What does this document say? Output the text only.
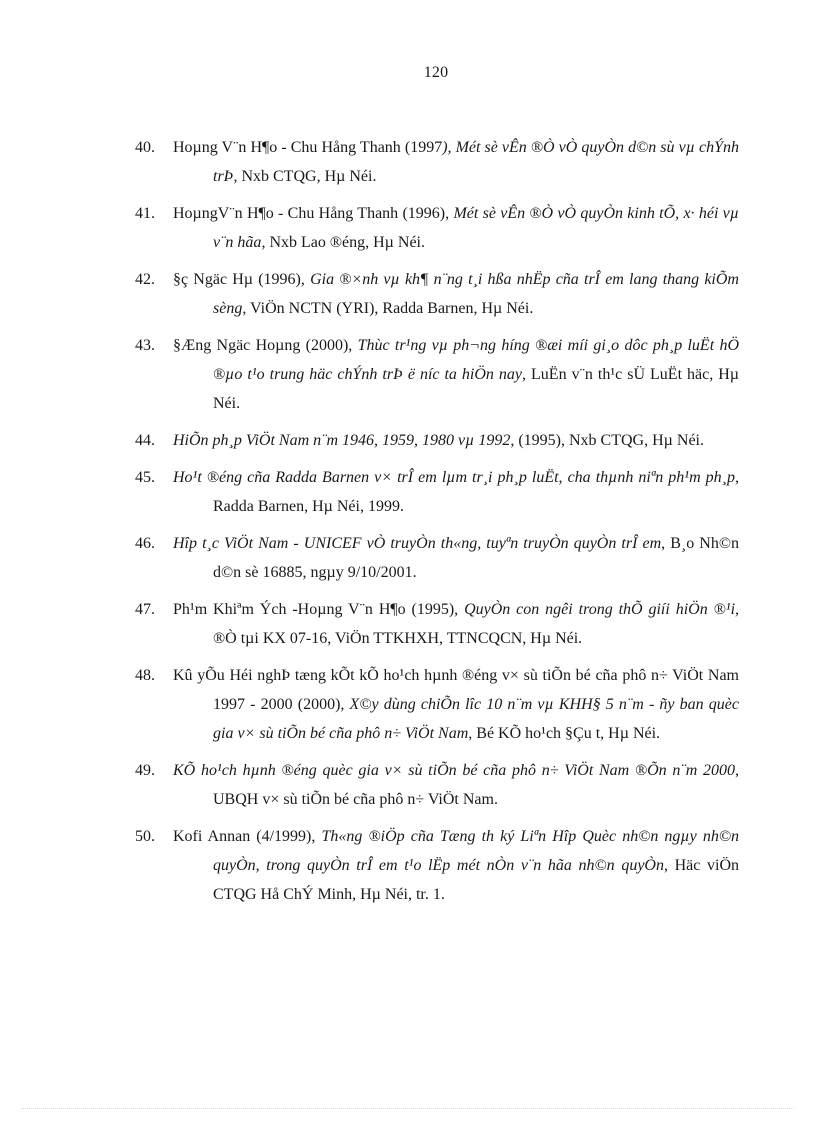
120
40. Hoµng V¨n H¶o - Chu Hång Thanh (1997), Mét sè vÊn ®Ò vÒ quyÒn d©n sù vµ chÝnh trÞ, Nxb CTQG, Hµ Néi.
41. HoµngV¨n H¶o - Chu Hång Thanh (1996), Mét sè vÊn ®Ò vÒ quyÒn kinh tÕ, x· héi vµ v¨n hãa, Nxb Lao ®éng, Hµ Néi.
42. §ç Ngäc Hµ (1996), Gia ®×nh vµ kh¶ n¨ng t¸i hßa nhËp cña trÎ em lang thang kiÕm sèng, ViÖn NCTN (YRI), Radda Barnen, Hµ Néi.
43. §Æng Ngäc Hoµng (2000), Thùc tr¹ng vµ ph¬ng híng ®æi míi gi¸o dôc ph¸p luËt hÖ ®µo t¹o trung häc chÝnh trÞ ë níc ta hiÖn nay, LuËn v¨n th¹c sÜ LuËt häc, Hµ Néi.
44. HiÕn ph¸p ViÖt Nam n¨m 1946, 1959, 1980 vµ 1992, (1995), Nxb CTQG, Hµ Néi.
45. Ho¹t ®éng cña Radda Barnen v× trÎ em lµm tr¸i ph¸p luËt, cha thµnh niªn ph¹m ph¸p, Radda Barnen, Hµ Néi, 1999.
46. Hîp t¸c ViÖt Nam - UNICEF vÒ truyÒn th«ng, tuyªn truyÒn quyÒn trÎ em, B¸o Nh©n d©n sè 16885, ngµy 9/10/2001.
47. Ph¹m Khiªm Ých -Hoµng V¨n H¶o (1995), QuyÒn con ngêi trong thÕ giíi hiÖn ®¹i, ®Ò tµi KX 07-16, ViÖn TTKHXH, TTNCQCN, Hµ Néi.
48. Kû yÕu Héi nghÞ tæng kÕt kÕ ho¹ch hµnh ®éng v× sù tiÕn bé cña phô n÷ ViÖt Nam 1997 - 2000 (2000), X©y dùng chiÕn lîc 10 n¨m vµ KHH§ 5 n¨m - ñy ban quèc gia v× sù tiÕn bé cña phô n÷ ViÖt Nam, Bé KÕ ho¹ch §Çu t, Hµ Néi.
49. KÕ ho¹ch hµnh ®éng quèc gia v× sù tiÕn bé cña phô n÷ ViÖt Nam ®Õn n¨m 2000, UBQH v× sù tiÕn bé cña phô n÷ ViÖt Nam.
50. Kofi Annan (4/1999), Th«ng ®iÖp cña Tæng th ký Liªn Hîp Quèc nh©n ngµy nh©n quyÒn, trong quyÒn trÎ em t¹o lËp mét nÒn v¨n hãa nh©n quyÒn, Häc viÖn CTQG Hå ChÝ Minh, Hµ Néi, tr. 1.
